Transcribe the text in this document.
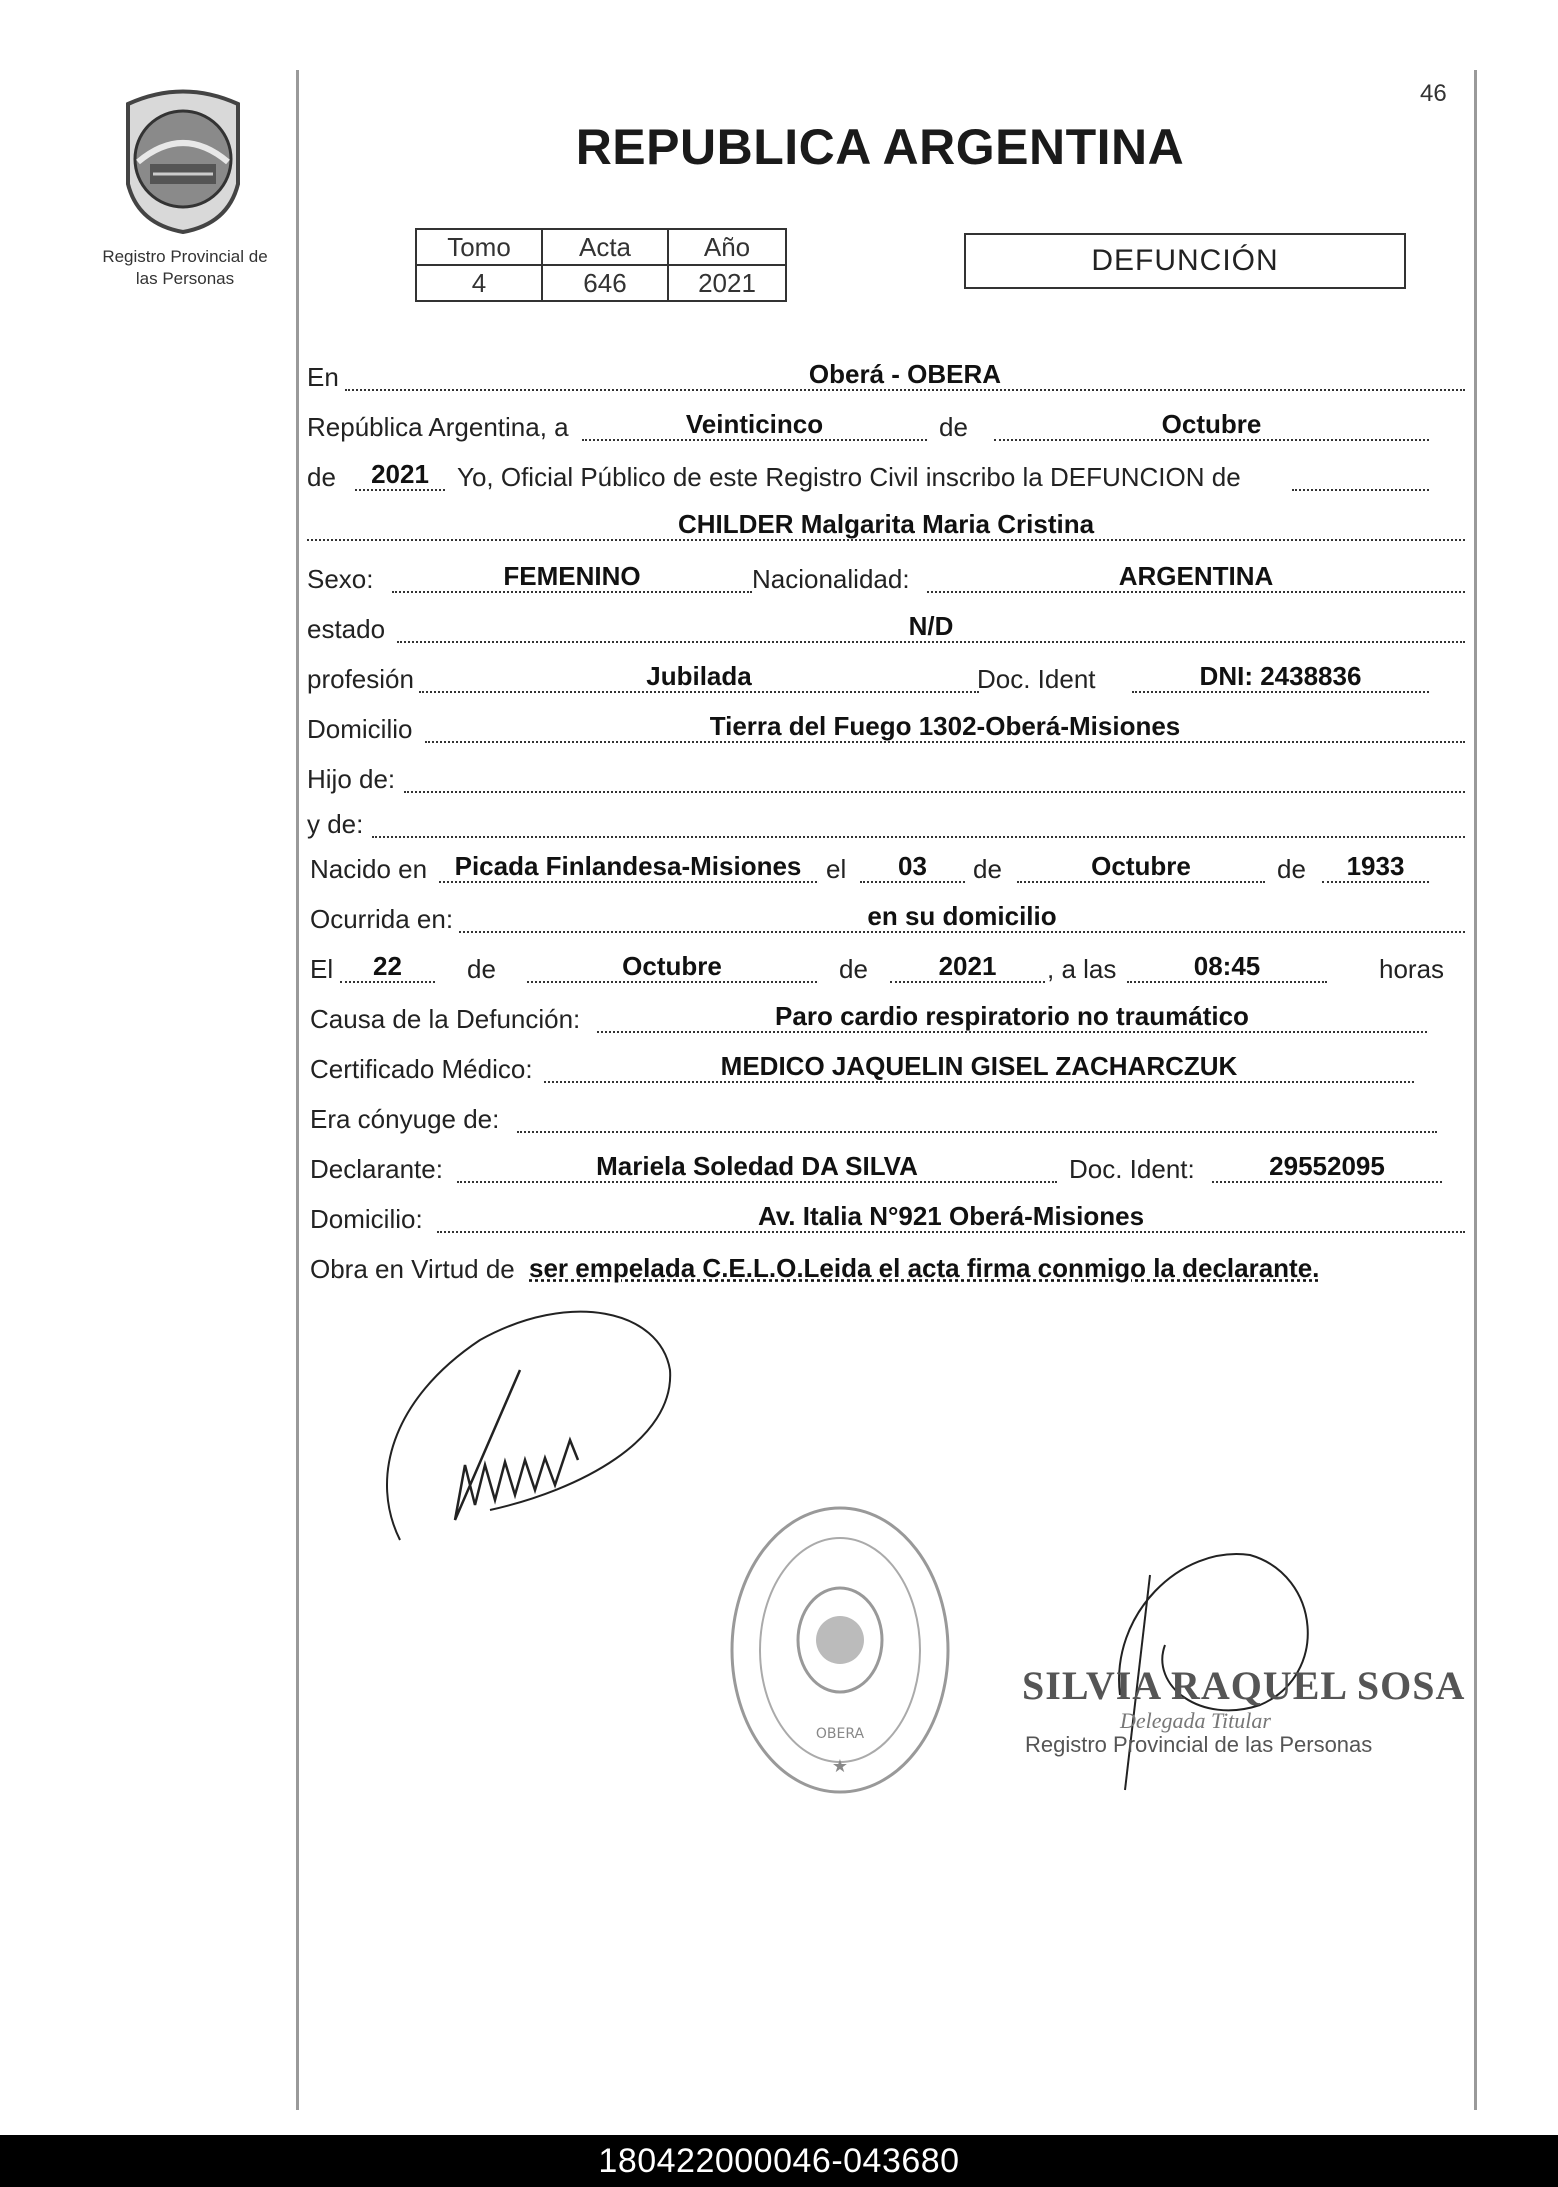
Registro Provincial de
las Personas
46
REPUBLICA ARGENTINA
Tomo	Acta	Año
4	646	2021
DEFUNCIÓN
En	Oberá - OBERA
República Argentina, a	Veinticinco	de	Octubre
de	2021	Yo, Oficial Público de este Registro Civil inscribo la DEFUNCION de
CHILDER Malgarita Maria Cristina
Sexo:	FEMENINO	Nacionalidad:	ARGENTINA
estado	N/D
profesión	Jubilada	Doc. Ident	DNI: 2438836
Domicilio	Tierra del Fuego 1302-Oberá-Misiones
Hijo de:
y de:
Nacido en	Picada Finlandesa-Misiones el	03	de	Octubre	de	1933
Ocurrida en:	en su domicilio
El	22	de	Octubre	de	2021	, a las	08:45	horas
Causa de la Defunción:	Paro cardio respiratorio no traumático
Certificado Médico:	MEDICO JAQUELIN GISEL ZACHARCZUK
Era cónyuge de:
Declarante:	Mariela Soledad DA SILVA	Doc. Ident:	29552095
Domicilio:	Av. Italia N°921 Oberá-Misiones
Obra en Virtud de ser empelada C.E.L.O.Leida el acta firma conmigo la declarante.
OBERA
★
SILVIA RAQUEL SOSA
Delegada Titular
Registro Provincial de las Personas
180422000046-043680
